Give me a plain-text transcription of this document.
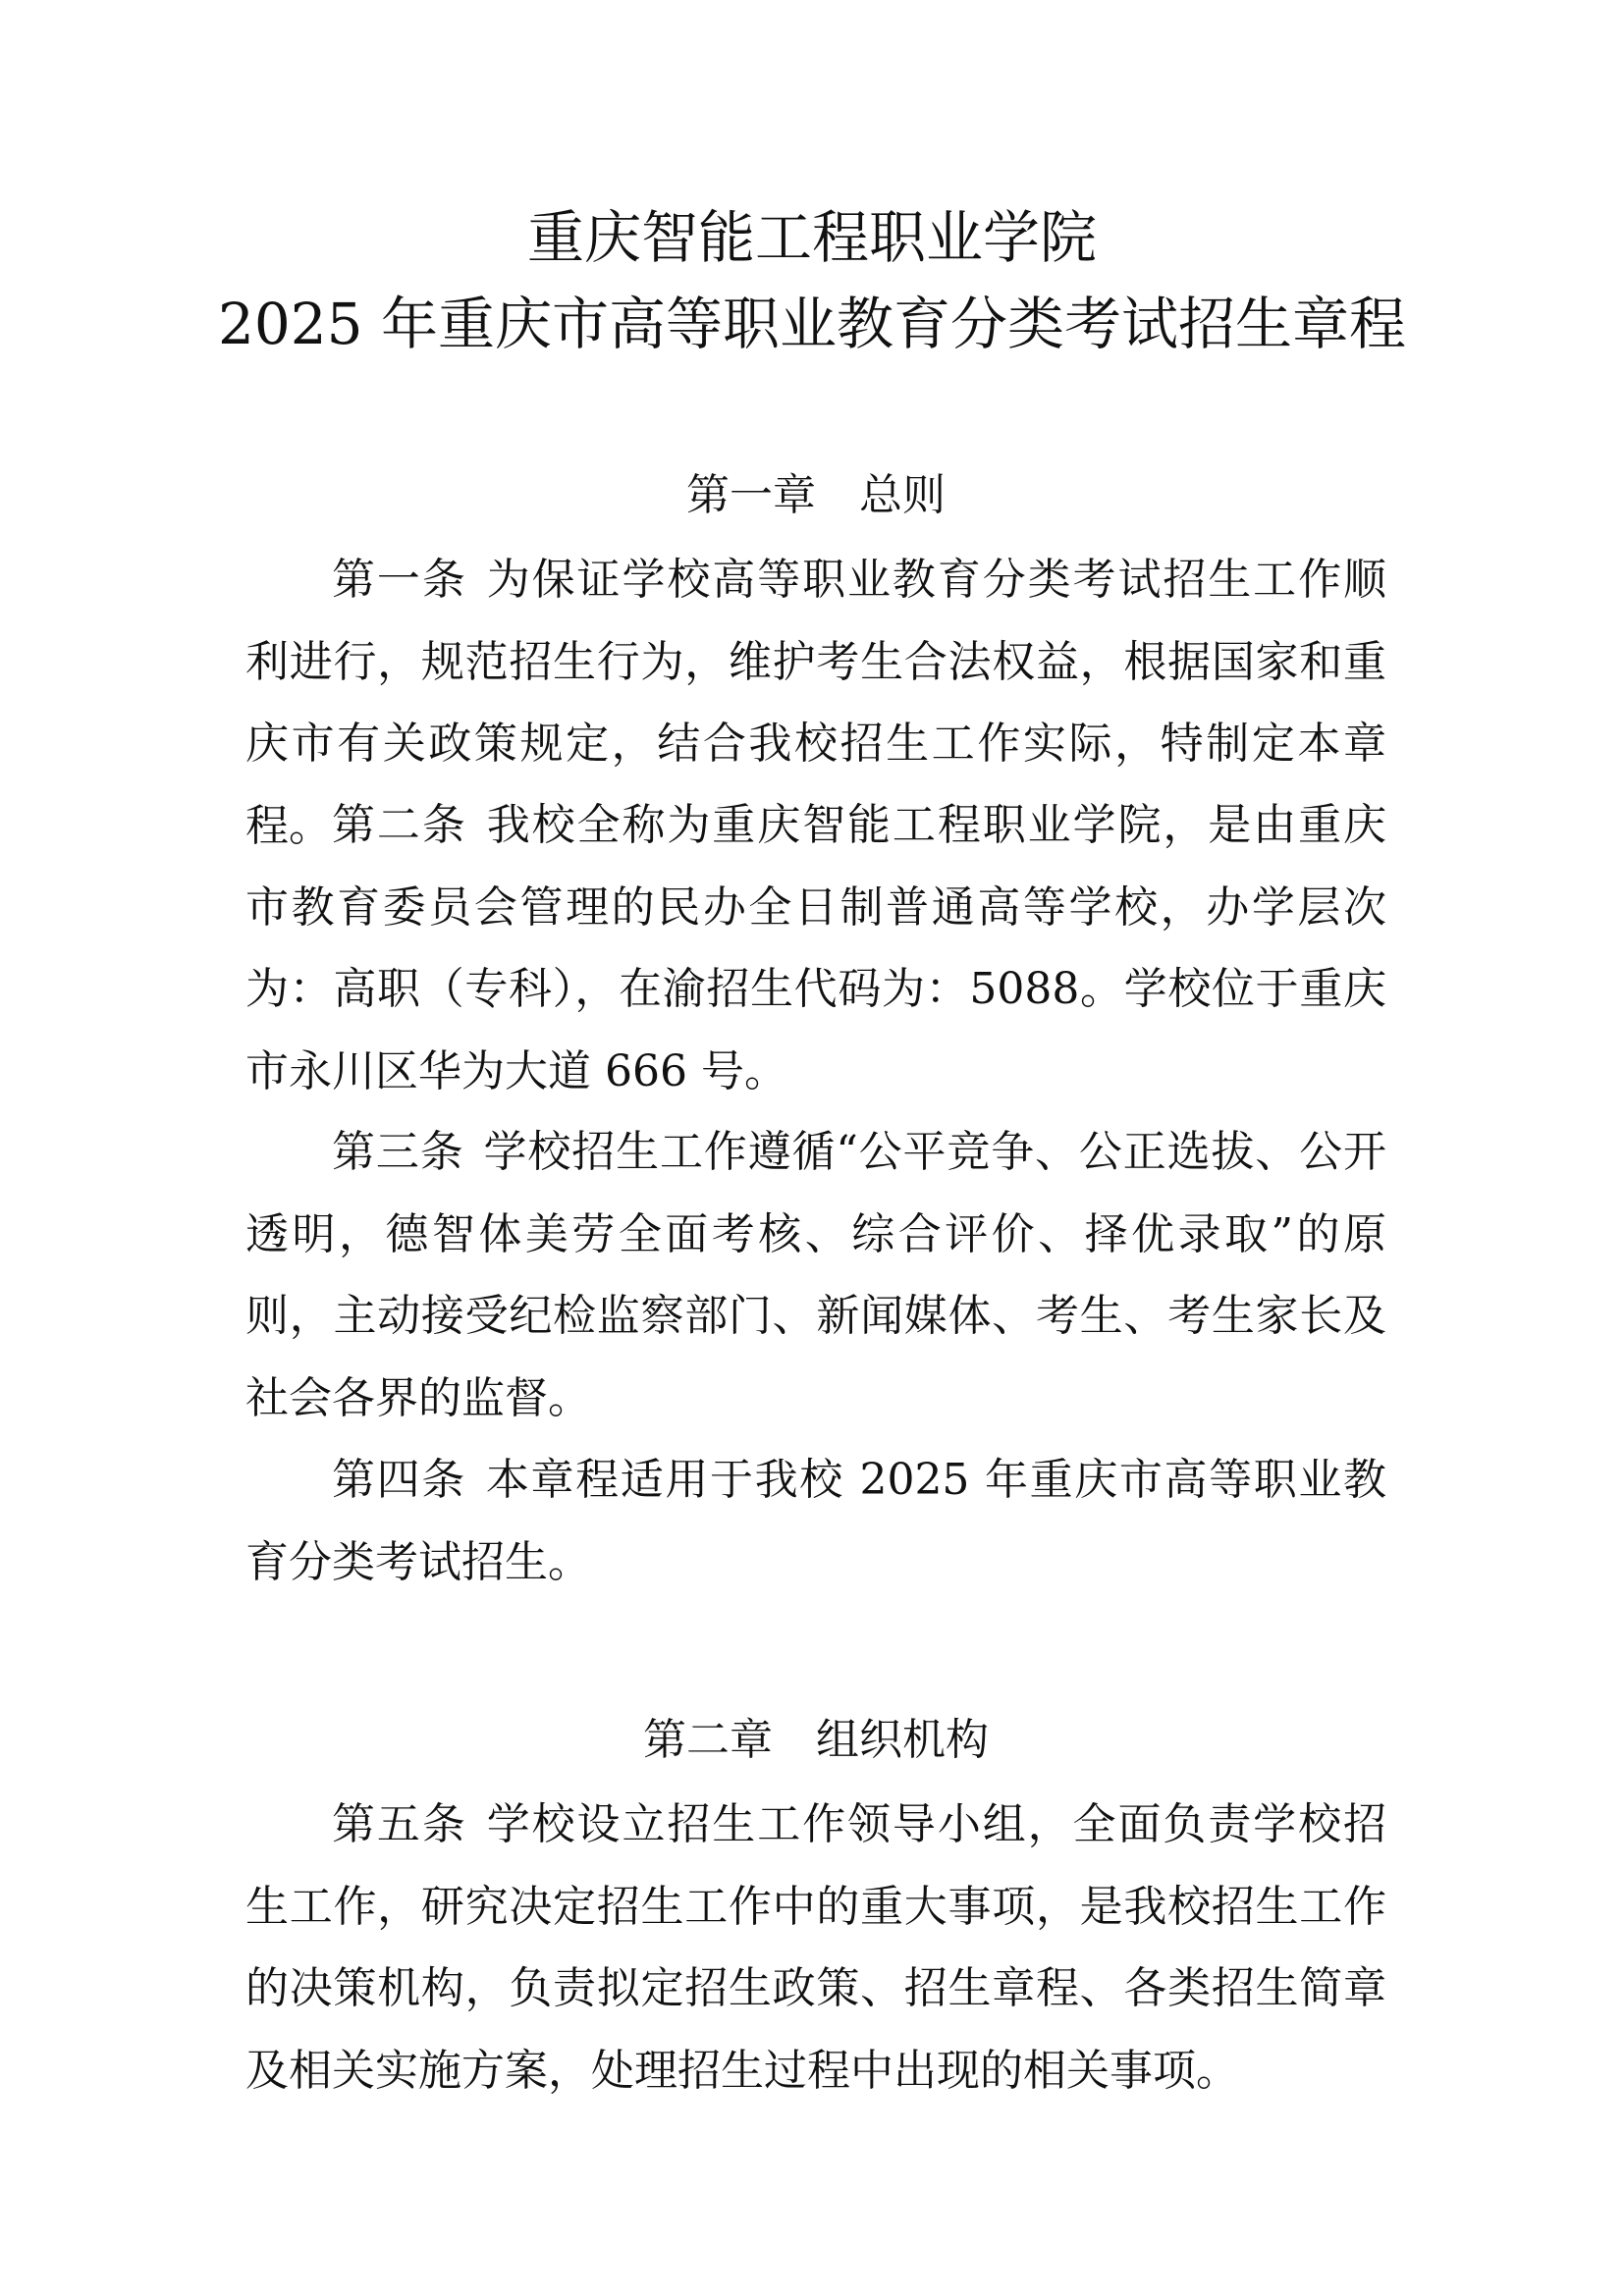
重庆智能工程职业学院
2025 年重庆市高等职业教育分类考试招生章程
第一章　总则

第一条 为保证学校高等职业教育分类考试招生工作顺利进行，规范招生行为，维护考生合法权益，根据国家和重庆市有关政策规定，结合我校招生工作实际，特制定本章程。 第二条 我校全称为重庆智能工程职业学院，是由重庆市教育委员会管理的民办全日制普通高等学校，办学层次为：高职（专科），在渝招生代码为：5088。学校位于重庆市永川区华为大道 666 号。

第三条 学校招生工作遵循“公平竞争、公正选拔、公开透明，德智体美劳全面考核、综合评价、择优录取”的原则，主动接受纪检监察部门、新闻媒体、考生、考生家长及社会各界的监督。

第四条 本章程适用于我校 2025 年重庆市高等职业教育分类考试招生。

第二章　组织机构

第五条 学校设立招生工作领导小组，全面负责学校招生工作，研究决定招生工作中的重大事项，是我校招生工作的决策机构，负责拟定招生政策、招生章程、各类招生简章及相关实施方案，处理招生过程中出现的相关事项。
